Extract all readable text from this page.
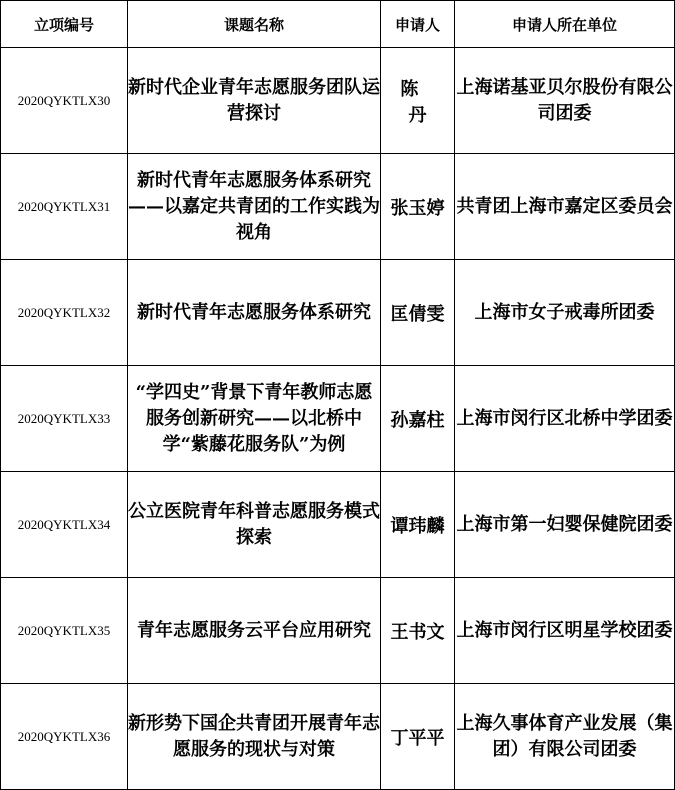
立项编号	课题名称	申请人	申请人所在单位
2020QYKTLX30	新时代企业青年志愿服务团队运营探讨	陈 丹	上海诺基亚贝尔股份有限公司团委
2020QYKTLX31	新时代青年志愿服务体系研究——以嘉定共青团的工作实践为视角	张玉婷	共青团上海市嘉定区委员会
2020QYKTLX32	新时代青年志愿服务体系研究	匡倩雯	上海市女子戒毒所团委
2020QYKTLX33	“学四史”背景下青年教师志愿服务创新研究——以北桥中学“紫藤花服务队”为例	孙嘉柱	上海市闵行区北桥中学团委
2020QYKTLX34	公立医院青年科普志愿服务模式探索	谭玮麟	上海市第一妇婴保健院团委
2020QYKTLX35	青年志愿服务云平台应用研究	王书文	上海市闵行区明星学校团委
2020QYKTLX36	新形势下国企共青团开展青年志愿服务的现状与对策	丁平平	上海久事体育产业发展（集团）有限公司团委
